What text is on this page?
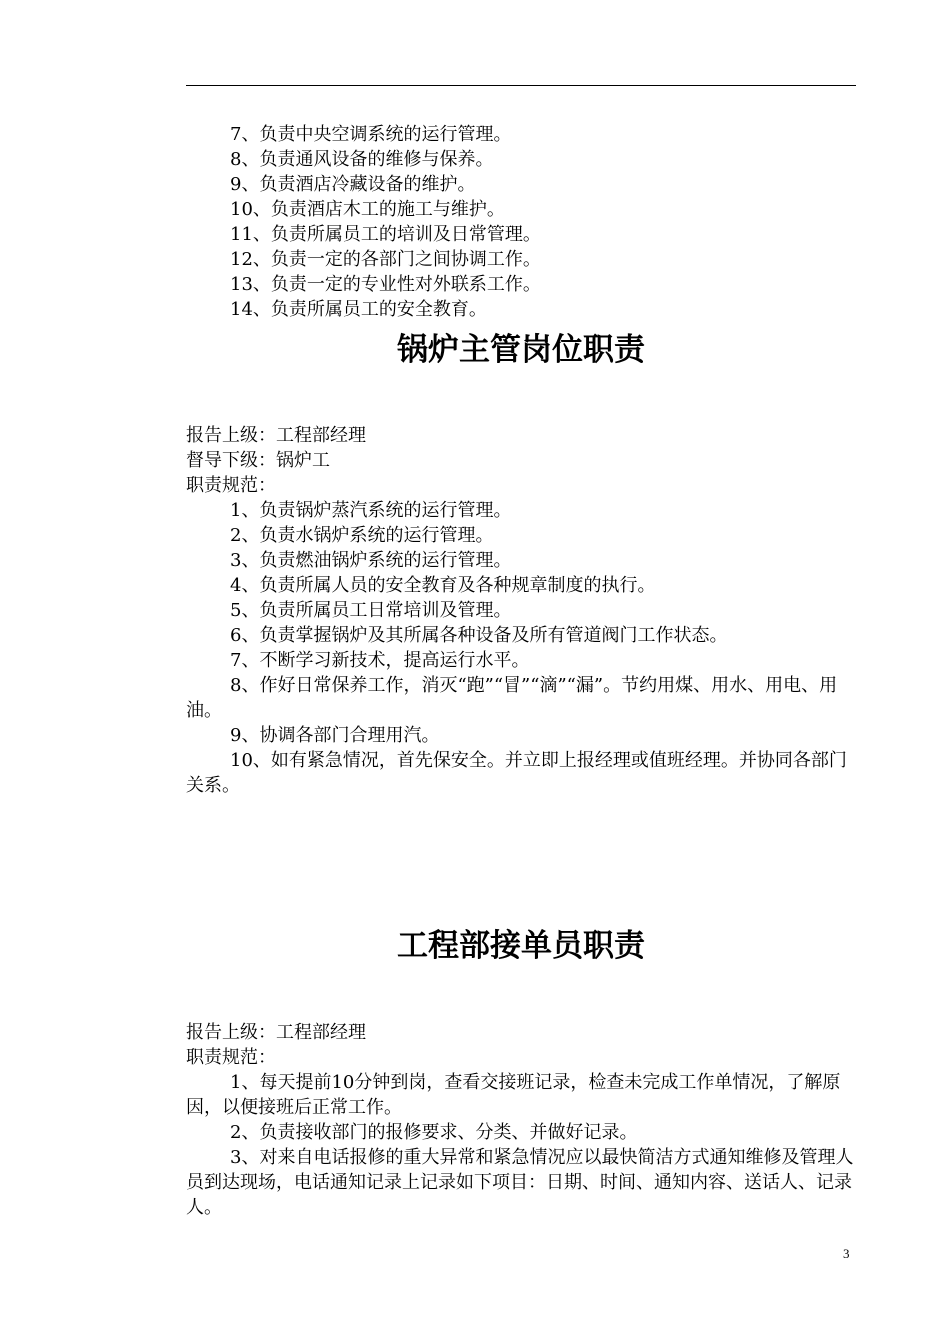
7、负责中央空调系统的运行管理。
8、负责通风设备的维修与保养。
9、负责酒店冷藏设备的维护。
10、负责酒店木工的施工与维护。
11、负责所属员工的培训及日常管理。
12、负责一定的各部门之间协调工作。
13、负责一定的专业性对外联系工作。
14、负责所属员工的安全教育。
锅炉主管岗位职责
报告上级：工程部经理
督导下级：锅炉工
职责规范：
1、负责锅炉蒸汽系统的运行管理。
2、负责水锅炉系统的运行管理。
3、负责燃油锅炉系统的运行管理。
4、负责所属人员的安全教育及各种规章制度的执行。
5、负责所属员工日常培训及管理。
6、负责掌握锅炉及其所属各种设备及所有管道阀门工作状态。
7、不断学习新技术，提高运行水平。
8、作好日常保养工作，消灭“跑”“冒”“滴”“漏”。节约用煤、用水、用电、用油。
9、协调各部门合理用汽。
10、如有紧急情况，首先保安全。并立即上报经理或值班经理。并协同各部门关系。
工程部接单员职责
报告上级：工程部经理
职责规范：
1、每天提前10分钟到岗，查看交接班记录，检查未完成工作单情况，了解原因，以便接班后正常工作。
2、负责接收部门的报修要求、分类、并做好记录。
3、对来自电话报修的重大异常和紧急情况应以最快简洁方式通知维修及管理人员到达现场，电话通知记录上记录如下项目：日期、时间、通知内容、送话人、记录人。
3
